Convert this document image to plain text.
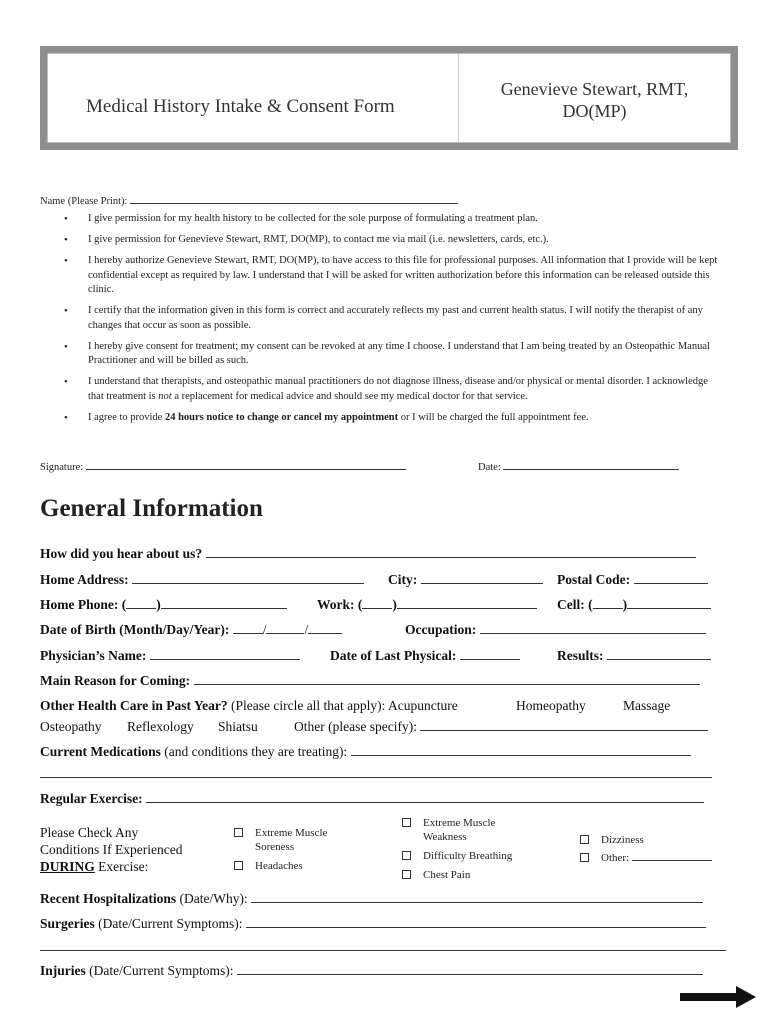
Medical History Intake & Consent Form
Genevieve Stewart, RMT,
DO(MP)
Name (Please Print):
• I give permission for my health history to be collected for the sole purpose of formulating a treatment plan.
• I give permission for Genevieve Stewart, RMT, DO(MP), to contact me via mail (i.e. newsletters, cards, etc.).
• I hereby authorize Genevieve Stewart, RMT, DO(MP), to have access to this file for professional purposes. All information that I provide will be kept confidential except as required by law. I understand that I will be asked for written authorization before this information can be released outside this clinic.
• I certify that the information given in this form is correct and accurately reflects my past and current health status. I will notify the therapist of any changes that occur as soon as possible.
• I hereby give consent for treatment; my consent can be revoked at any time I choose. I understand that I am being treated by an Osteopathic Manual Practitioner and will be billed as such.
• I understand that therapists, and osteopathic manual practitioners do not diagnose illness, disease and/or physical or mental disorder. I acknowledge that treatment is not a replacement for medical advice and should see my medical doctor for that service.
• I agree to provide 24 hours notice to change or cancel my appointment or I will be charged the full appointment fee.
Signature:	Date:
General Information
How did you hear about us?
Home Address:	City:	Postal Code:
Home Phone: ( )	Work: ( )	Cell: ( )
Date of Birth (Month/Day/Year): /	/	Occupation:
Physician’s Name:	Date of Last Physical:	Results:
Main Reason for Coming:
Other Health Care in Past Year? (Please circle all that apply): Acupuncture	Homeopathy	Massage
Osteopathy Reflexology Shiatsu	Other (please specify):
Current Medications (and conditions they are treating):
Regular Exercise:
Please Check Any
Conditions If Experienced
DURING Exercise:
Extreme Muscle
Soreness
Headaches
Extreme Muscle
Weakness
Difficulty Breathing
Chest Pain
Dizziness
Other:
Recent Hospitalizations (Date/Why):
Surgeries (Date/Current Symptoms):
Injuries (Date/Current Symptoms):
